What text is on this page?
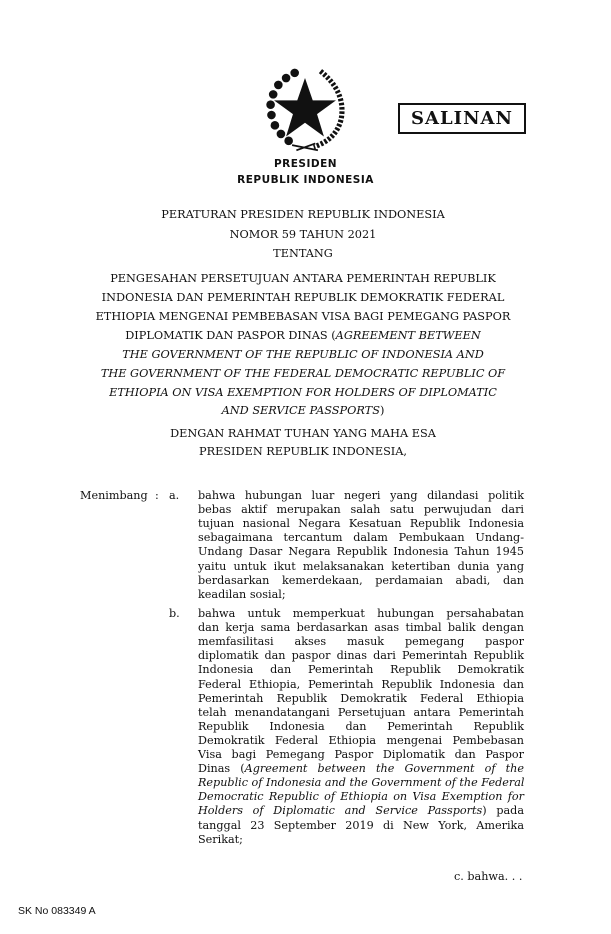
SALINAN
PRESIDEN
REPUBLIK INDONESIA
PERATURAN PRESIDEN REPUBLIK INDONESIA
NOMOR 59 TAHUN 2021
TENTANG
PENGESAHAN PERSETUJUAN ANTARA PEMERINTAH REPUBLIK
INDONESIA DAN PEMERINTAH REPUBLIK DEMOKRATIK FEDERAL
ETHIOPIA MENGENAI PEMBEBASAN VISA BAGI PEMEGANG PASPOR
DIPLOMATIK DAN PASPOR DINAS (AGREEMENT BETWEEN
THE GOVERNMENT OF THE REPUBLIC OF INDONESIA AND
THE GOVERNMENT OF THE FEDERAL DEMOCRATIC REPUBLIC OF
ETHIOPIA ON VISA EXEMPTION FOR HOLDERS OF DIPLOMATIC
AND SERVICE PASSPORTS)
DENGAN RAHMAT TUHAN YANG MAHA ESA
PRESIDEN REPUBLIK INDONESIA,
Menimbang : a. bahwa hubungan luar negeri yang dilandasi politik
bebas aktif merupakan salah satu perwujudan dari
tujuan nasional Negara Kesatuan Republik Indonesia
sebagaimana tercantum dalam Pembukaan Undang-
Undang Dasar Negara Republik Indonesia Tahun 1945
yaitu untuk ikut melaksanakan ketertiban dunia yang
berdasarkan kemerdekaan, perdamaian abadi, dan
keadilan sosial;
b. bahwa untuk memperkuat hubungan persahabatan
dan kerja sama berdasarkan asas timbal balik dengan
memfasilitasi akses masuk pemegang paspor
diplomatik dan paspor dinas dari Pemerintah Republik
Indonesia dan Pemerintah Republik Demokratik
Federal Ethiopia, Pemerintah Republik Indonesia dan
Pemerintah Republik Demokratik Federal Ethiopia
telah menandatangani Persetujuan antara Pemerintah
Republik Indonesia dan Pemerintah Republik
Demokratik Federal Ethiopia mengenai Pembebasan
Visa bagi Pemegang Paspor Diplomatik dan Paspor
Dinas (Agreement between the Government of the
Republic of Indonesia and the Government of the Federal
Democratic Republic of Ethiopia on Visa Exemption for
Holders of Diplomatic and Service Passports) pada
tanggal 23 September 2019 di New York, Amerika
Serikat;
c. bahwa. . .
SK No 083349 A
